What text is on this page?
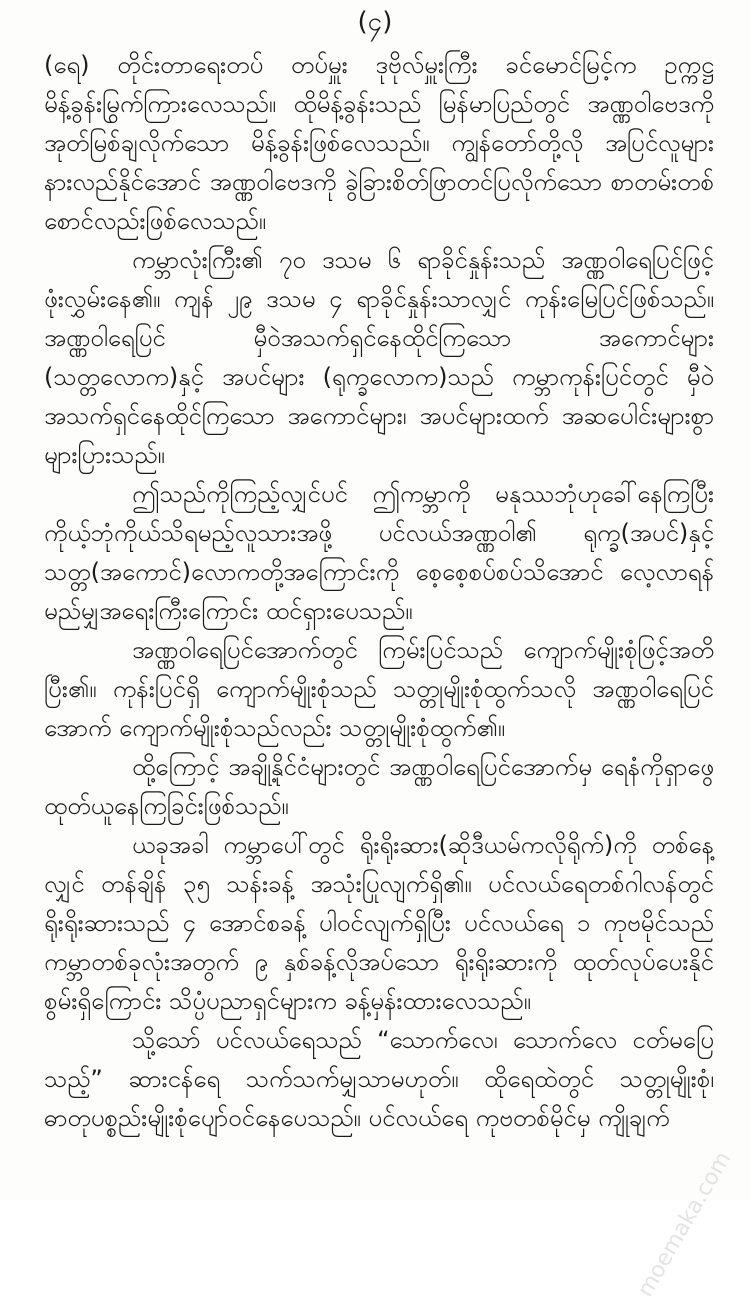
(၄)

(ရေ) တိုင်းတာရေးတပ် တပ်မှူး ဒုဗိုလ်မှူးကြီး ခင်မောင်မြင့်က ဥက္ကဋ္ဌမိန့်ခွန်းမြွက်ကြားလေသည်။ ထိုမိန့်ခွန်းသည် မြန်မာပြည်တွင် အဏ္ဏဝါဗေဒကို အုတ်မြစ်ချလိုက်သော မိန့်ခွန်းဖြစ်လေသည်။ ကျွန်တော်တို့လို အပြင်လူများ နားလည်နိုင်အောင် အဏ္ဏဝါဗေဒကို ခွဲခြားစိတ်ဖြာတင်ပြလိုက်သော စာတမ်းတစ်စောင်လည်းဖြစ်လေသည်။

ကမ္ဘာလုံးကြီး၏ ၇၀ ဒသမ ၆ ရာခိုင်နှုန်းသည် အဏ္ဏဝါရေပြင်ဖြင့်ဖုံးလွှမ်းနေ၏။ ကျန် ၂၉ ဒသမ ၄ ရာခိုင်နှုန်းသာလျှင် ကုန်းမြေပြင်ဖြစ်သည်။ အဏ္ဏဝါရေပြင် မှီဝဲအသက်ရှင်နေထိုင်ကြသော အကောင်များ (သတ္တလောက)နှင့် အပင်များ (ရုက္ခလောက)သည် ကမ္ဘာကုန်းပြင်တွင် မှီဝဲအသက်ရှင်နေထိုင်ကြသော အကောင်များ၊ အပင်များထက် အဆပေါင်းများစွာ များပြားသည်။

ဤသည်ကိုကြည့်လျှင်ပင် ဤကမ္ဘာကို မနုဿဘုံဟုခေါ်နေကြပြီး ကိုယ့်ဘုံကိုယ်သိရမည့်လူသားအဖို့ ပင်လယ်အဏ္ဏဝါ၏ ရုက္ခ(အပင်)နှင့် သတ္တ(အကောင်)လောကတို့အကြောင်းကို စေ့စေ့စပ်စပ်သိအောင် လေ့လာရန် မည်မျှအရေးကြီးကြောင်း ထင်ရှားပေသည်။

အဏ္ဏဝါရေပြင်အောက်တွင် ကြမ်းပြင်သည် ကျောက်မျိုးစုံဖြင့်အတိပြီး၏။ ကုန်းပြင်ရှိ ကျောက်မျိုးစုံသည် သတ္တုမျိုးစုံထွက်သလို အဏ္ဏဝါရေပြင်အောက် ကျောက်မျိုးစုံသည်လည်း သတ္တုမျိုးစုံထွက်၏။

ထို့ကြောင့် အချို့နိုင်ငံများတွင် အဏ္ဏဝါရေပြင်အောက်မှ ရေနံကိုရှာဖွေထုတ်ယူနေကြခြင်းဖြစ်သည်။

ယခုအခါ ကမ္ဘာပေါ်တွင် ရိုးရိုးဆား(ဆိုဒီယမ်ကလိုရိုက်)ကို တစ်နေ့လျှင် တန်ချိန် ၃၅ သန်းခန့် အသုံးပြုလျက်ရှိ၏။ ပင်လယ်ရေတစ်ဂါလန်တွင် ရိုးရိုးဆားသည် ၄ အောင်စခန့် ပါဝင်လျက်ရှိပြီး ပင်လယ်ရေ ၁ ကုဗမိုင်သည် ကမ္ဘာတစ်ခုလုံးအတွက် ၉ နှစ်ခန့်လိုအပ်သော ရိုးရိုးဆားကို ထုတ်လုပ်ပေးနိုင်စွမ်းရှိကြောင်း သိပ္ပံပညာရှင်များက ခန့်မှန်းထားလေသည်။

သို့သော် ပင်လယ်ရေသည် “သောက်လေ၊ သောက်လေ ငတ်မပြေသည့်” ဆားငန်ရေ သက်သက်မျှသာမဟုတ်။ ထိုရေထဲတွင် သတ္တုမျိုးစုံ၊ ဓာတုပစ္စည်းမျိုးစုံပျော်ဝင်နေပေသည်။ ပင်လယ်ရေ ကုဗတစ်မိုင်မှ ကျိုချက်

moemaka.com
